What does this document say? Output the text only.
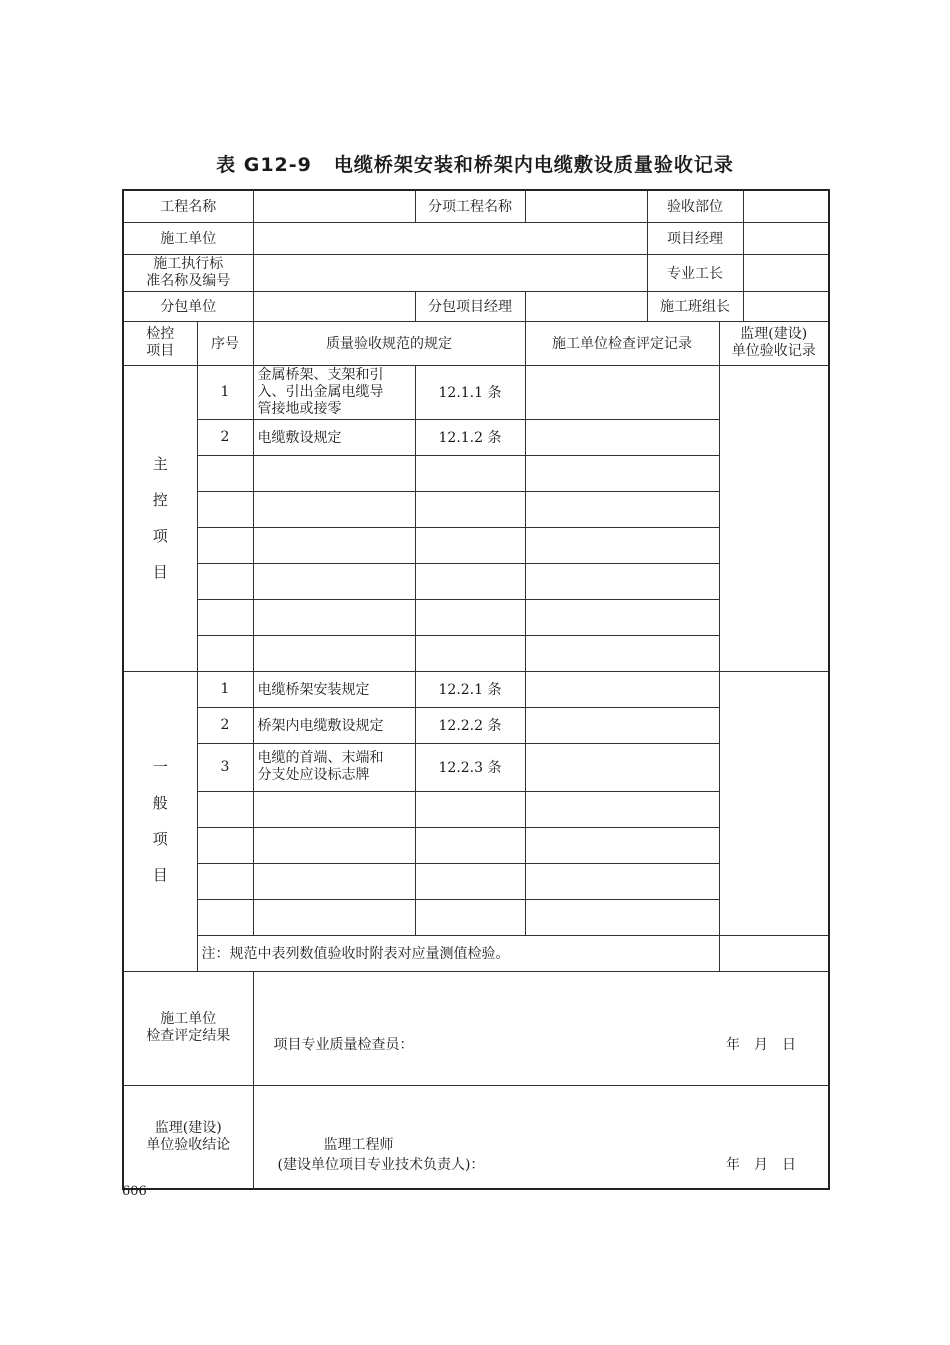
表 G12-9 电缆桥架安装和桥架内电缆敷设质量验收记录
工程名称			分项工程名称		验收部位		
施工单位					项目经理		
施工执行标
准名称及编号					专业工长		
分包单位			分包项目经理		施工班组长		
检控
项目	序号	质量验收规范的规定		施工单位检查评定记录		监理(建设)
单位验收记录	

主
控
项
目	1	金属桥架、支架和引
入、引出金属电缆导
管接地或接零	12.1.1 条				
	2	电缆敷设规定	12.1.2 条				

一
般
项
目	1	电缆桥架安装规定	12.2.1 条				
	2	桥架内电缆敷设规定	12.2.2 条				
	3	电缆的首端、末端和
分支处应设标志牌	12.2.3 条				

	注：规范中表列数值验收时附表对应量测值检验。						
施工单位
检查评定结果		项目专业质量检查员： 年月日					

监理(建设)
单位验收结论		监理工程师
(建设单位项目专业技术负责人)： 年月日					
606
